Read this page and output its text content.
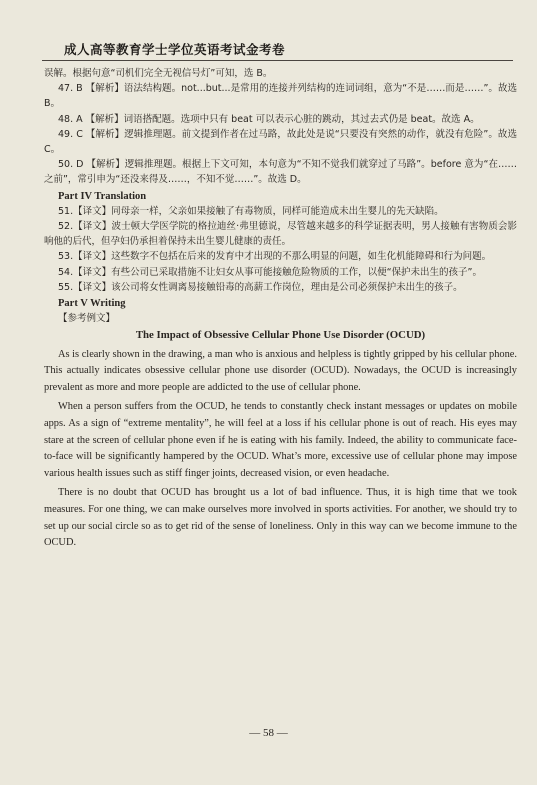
成人高等教育学士学位英语考试金考卷

误解。根据句意“司机们完全无视信号灯”可知，选 B。

47. B 【解析】语法结构题。not...but...是常用的连接并列结构的连词词组，意为“不是……而是……”。故选 B。

48. A 【解析】词语搭配题。选项中只有 beat 可以表示心脏的跳动，其过去式仍是 beat。故选 A。

49. C 【解析】逻辑推理题。前文提到作者在过马路，故此处是说“只要没有突然的动作，就没有危险”。故选 C。

50. D 【解析】逻辑推理题。根据上下文可知，本句意为“不知不觉我们就穿过了马路”。before 意为“在……之前”，常引申为“还没来得及……，不知不觉……”。故选 D。

Part IV Translation

51.【译文】同母亲一样，父亲如果接触了有毒物质，同样可能造成未出生婴儿的先天缺陷。

52.【译文】波士顿大学医学院的格拉迪丝·弗里德说，尽管越来越多的科学证据表明，男人接触有害物质会影响他的后代，但孕妇仍承担着保持未出生婴儿健康的责任。

53.【译文】这些数字不包括在后来的发育中才出现的不那么明显的问题，如生化机能障碍和行为问题。

54.【译文】有些公司已采取措施不让妇女从事可能接触危险物质的工作，以便“保护未出生的孩子”。

55.【译文】该公司将女性调离易接触铅毒的高薪工作岗位，理由是公司必须保护未出生的孩子。

Part V Writing
【参考例文】
The Impact of Obsessive Cellular Phone Use Disorder (OCUD)

As is clearly shown in the drawing, a man who is anxious and helpless is tightly gripped by his cellular phone. This actually indicates obsessive cellular phone use disorder (OCUD). Nowadays, the OCUD is increasingly prevalent as more and more people are addicted to the use of cellular phone.

When a person suffers from the OCUD, he tends to constantly check instant messages or updates on mobile apps. As a sign of “extreme mentality”, he will feel at a loss if his cellular phone is out of reach. His eyes may stare at the screen of cellular phone even if he is eating with his family. Indeed, the ability to communicate face-to-face will be significantly hampered by the OCUD. What’s more, excessive use of cellular phone may impose various health issues such as stiff finger joints, decreased vision, or even headache.

There is no doubt that OCUD has brought us a lot of bad influence. Thus, it is high time that we took measures. For one thing, we can make ourselves more involved in sports activities. For another, we should try to set up our social circle so as to get rid of the sense of loneliness. Only in this way can we become immune to the OCUD.

— 58 —
